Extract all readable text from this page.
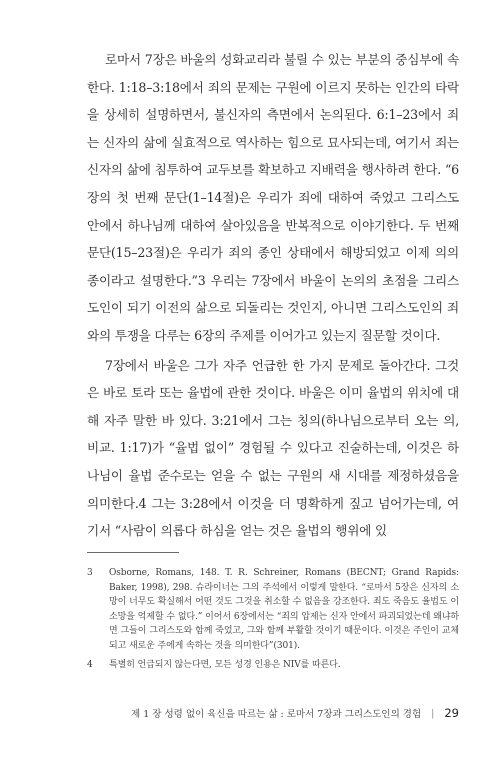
로마서 7장은 바울의 성화교리라 불릴 수 있는 부분의 중심부에 속한다. 1:18–3:18에서 죄의 문제는 구원에 이르지 못하는 인간의 타락을 상세히 설명하면서, 불신자의 측면에서 논의된다. 6:1–23에서 죄는 신자의 삶에 실효적으로 역사하는 힘으로 묘사되는데, 여기서 죄는 신자의 삶에 침투하여 교두보를 확보하고 지배력을 행사하려 한다. “6장의 첫 번째 문단(1–14절)은 우리가 죄에 대하여 죽었고 그리스도 안에서 하나님께 대하여 살아있음을 반복적으로 이야기한다. 두 번째 문단(15–23절)은 우리가 죄의 종인 상태에서 해방되었고 이제 의의 종이라고 설명한다.”3 우리는 7장에서 바울이 논의의 초점을 그리스도인이 되기 이전의 삶으로 되돌리는 것인지, 아니면 그리스도인의 죄와의 투쟁을 다루는 6장의 주제를 이어가고 있는지 질문할 것이다.

7장에서 바울은 그가 자주 언급한 한 가지 문제로 돌아간다. 그것은 바로 토라 또는 율법에 관한 것이다. 바울은 이미 율법의 위치에 대해 자주 말한 바 있다. 3:21에서 그는 칭의(하나님으로부터 오는 의, 비교. 1:17)가 “율법 없이” 경험될 수 있다고 진술하는데, 이것은 하나님이 율법 준수로는 얻을 수 없는 구원의 새 시대를 제정하셨음을 의미한다.4 그는 3:28에서 이것을 더 명확하게 짚고 넘어가는데, 여기서 “사람이 의롭다 하심을 얻는 것은 율법의 행위에 있

3	Osborne, Romans, 148. T. R. Schreiner, Romans (BECNT; Grand Rapids: Baker, 1998), 298. 슈라이너는 그의 주석에서 이렇게 말한다. “로마서 5장은 신자의 소망이 너무도 확실해서 어떤 것도 그것을 취소할 수 없음을 강조한다. 죄도 죽음도 율법도 이 소망을 억제할 수 없다.” 이어서 6장에서는 “죄의 압제는 신자 안에서 파괴되었는데 왜냐하면 그들이 그리스도와 함께 죽었고, 그와 함께 부활할 것이기 때문이다. 이것은 주인이 교체되고 새로운 주에게 속하는 것을 의미한다”(301).
4	특별히 언급되지 않는다면, 모든 성경 인용은 NIV를 따른다.
제 1 장 성령 없이 육신을 따르는 삶 : 로마서 7장과 그리스도인의 경험 | 29
